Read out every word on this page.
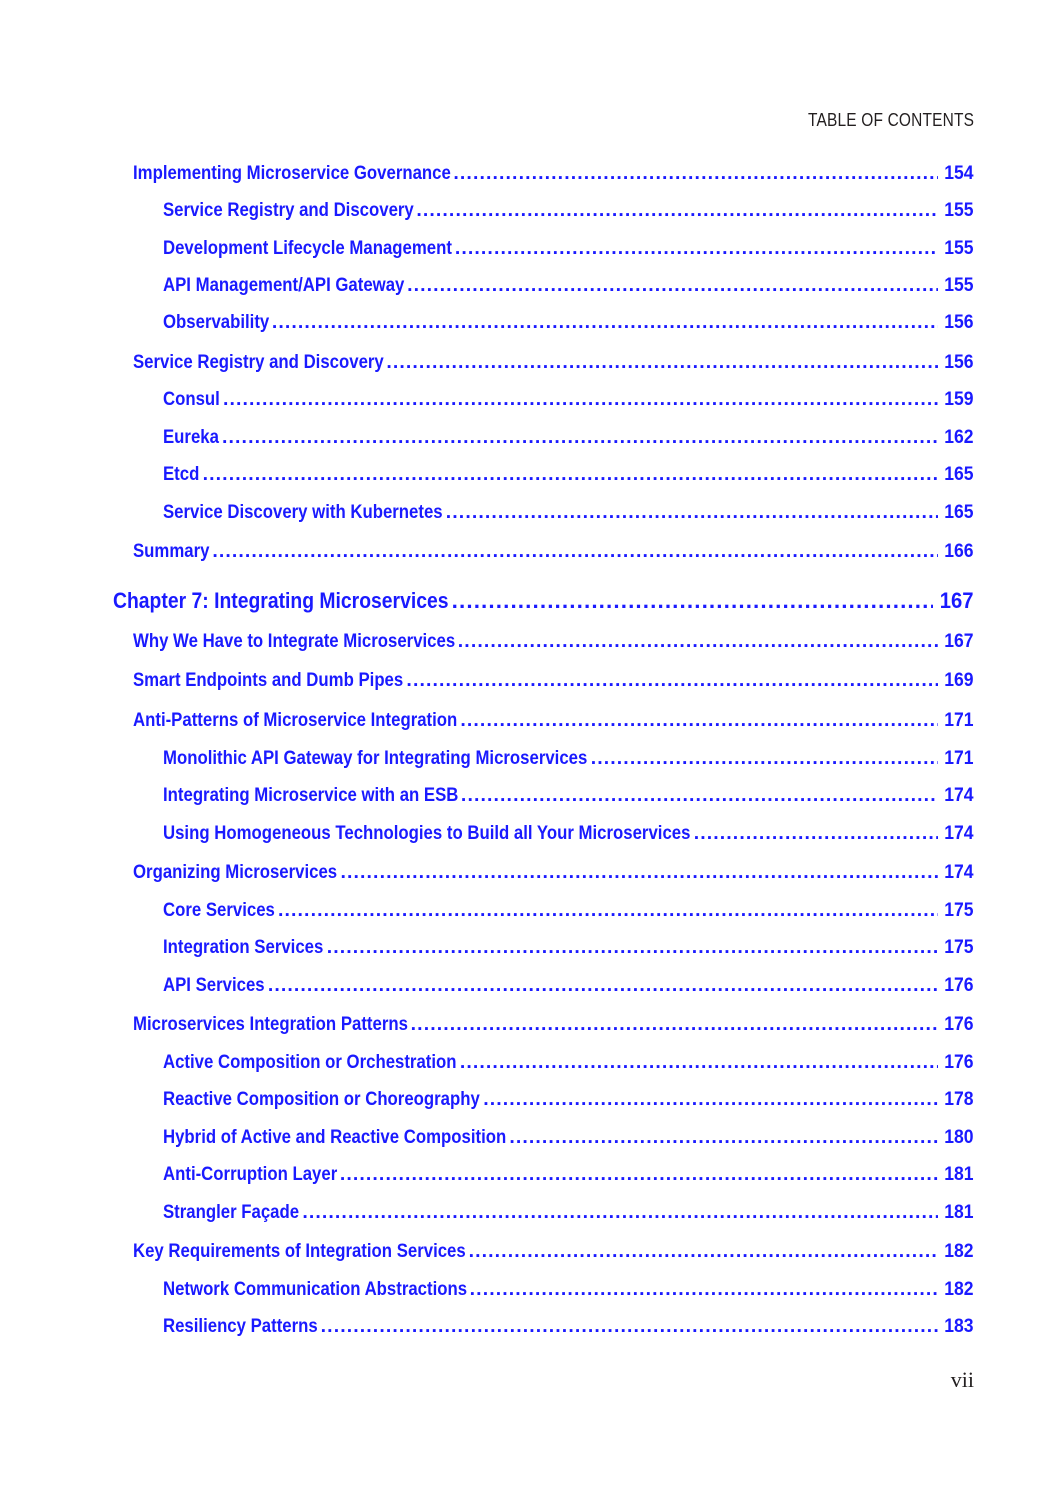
TABLE OF CONTENTS
Implementing Microservice Governance .....	154
Service Registry and Discovery .....	155
Development Lifecycle Management .....	155
API Management/API Gateway .....	155
Observability .....	156
Service Registry and Discovery .....	156
Consul .....	159
Eureka .....	162
Etcd .....	165
Service Discovery with Kubernetes .....	165
Summary .....	166
Chapter 7: Integrating Microservices .....	167
Why We Have to Integrate Microservices .....	167
Smart Endpoints and Dumb Pipes .....	169
Anti-Patterns of Microservice Integration .....	171
Monolithic API Gateway for Integrating Microservices .....	171
Integrating Microservice with an ESB .....	174
Using Homogeneous Technologies to Build all Your Microservices .....	174
Organizing Microservices .....	174
Core Services .....	175
Integration Services .....	175
API Services .....	176
Microservices Integration Patterns .....	176
Active Composition or Orchestration .....	176
Reactive Composition or Choreography .....	178
Hybrid of Active and Reactive Composition .....	180
Anti-Corruption Layer .....	181
Strangler Façade .....	181
Key Requirements of Integration Services .....	182
Network Communication Abstractions .....	182
Resiliency Patterns .....	183
vii
